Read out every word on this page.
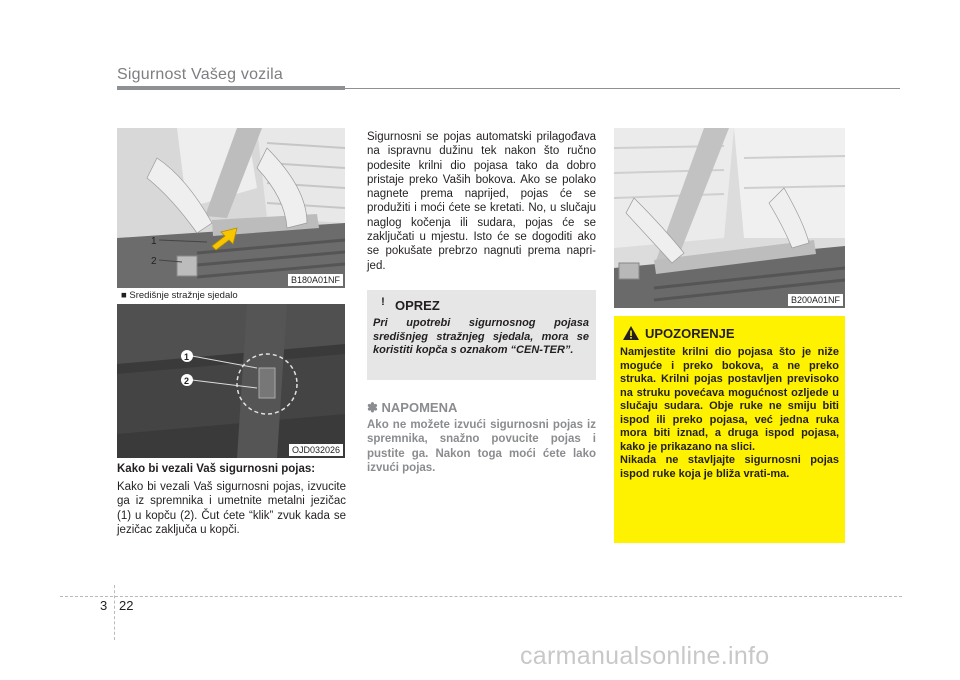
Sigurnost Vašeg vozila
1
2
B180A01NF
■ Središnje stražnje sjedalo
1
2
OJD032026
Kako bi vezali Vaš sigurnosni pojas:

Kako bi vezali Vaš sigurnosni pojas, izvucite ga iz spremnika i umetnite metalni jezičac (1) u kopču (2). Čut ćete “klik” zvuk kada se jezičac zaključa u kopči.

Sigurnosni se pojas automatski prilagođava na ispravnu dužinu tek nakon što ručno podesite krilni dio pojasa tako da dobro pristaje preko Vaših bokova. Ako se polako nagnete prema naprijed, pojas će se produžiti i moći ćete se kretati. No, u slučaju naglog kočenja ili sudara, pojas će se zaključati u mjestu. Isto će se dogoditi ako se pokušate prebrzo nagnuti prema napri-jed.

! OPREZ
Pri upotrebi sigurnosnog pojasa središnjeg stražnjeg sjedala, mora se koristiti kopča s oznakom “CEN-TER”.
✽ NAPOMENA

Ako ne možete izvući sigurnosni pojas iz spremnika, snažno povucite pojas i pustite ga. Nakon toga moći ćete lako izvući pojas.

B200A01NF
UPOZORENJE

Namjestite krilni dio pojasa što je niže moguće i preko bokova, a ne preko struka. Krilni pojas postavljen previsoko na struku povećava mogućnost ozljede u slučaju sudara. Obje ruke ne smiju biti ispod ili preko pojasa, već jedna ruka mora biti iznad, a druga ispod pojasa, kako je prikazano na slici.

Nikada ne stavljajte sigurnosni pojas ispod ruke koja je bliža vrati-ma.

3 22
carmanualsonline.info
